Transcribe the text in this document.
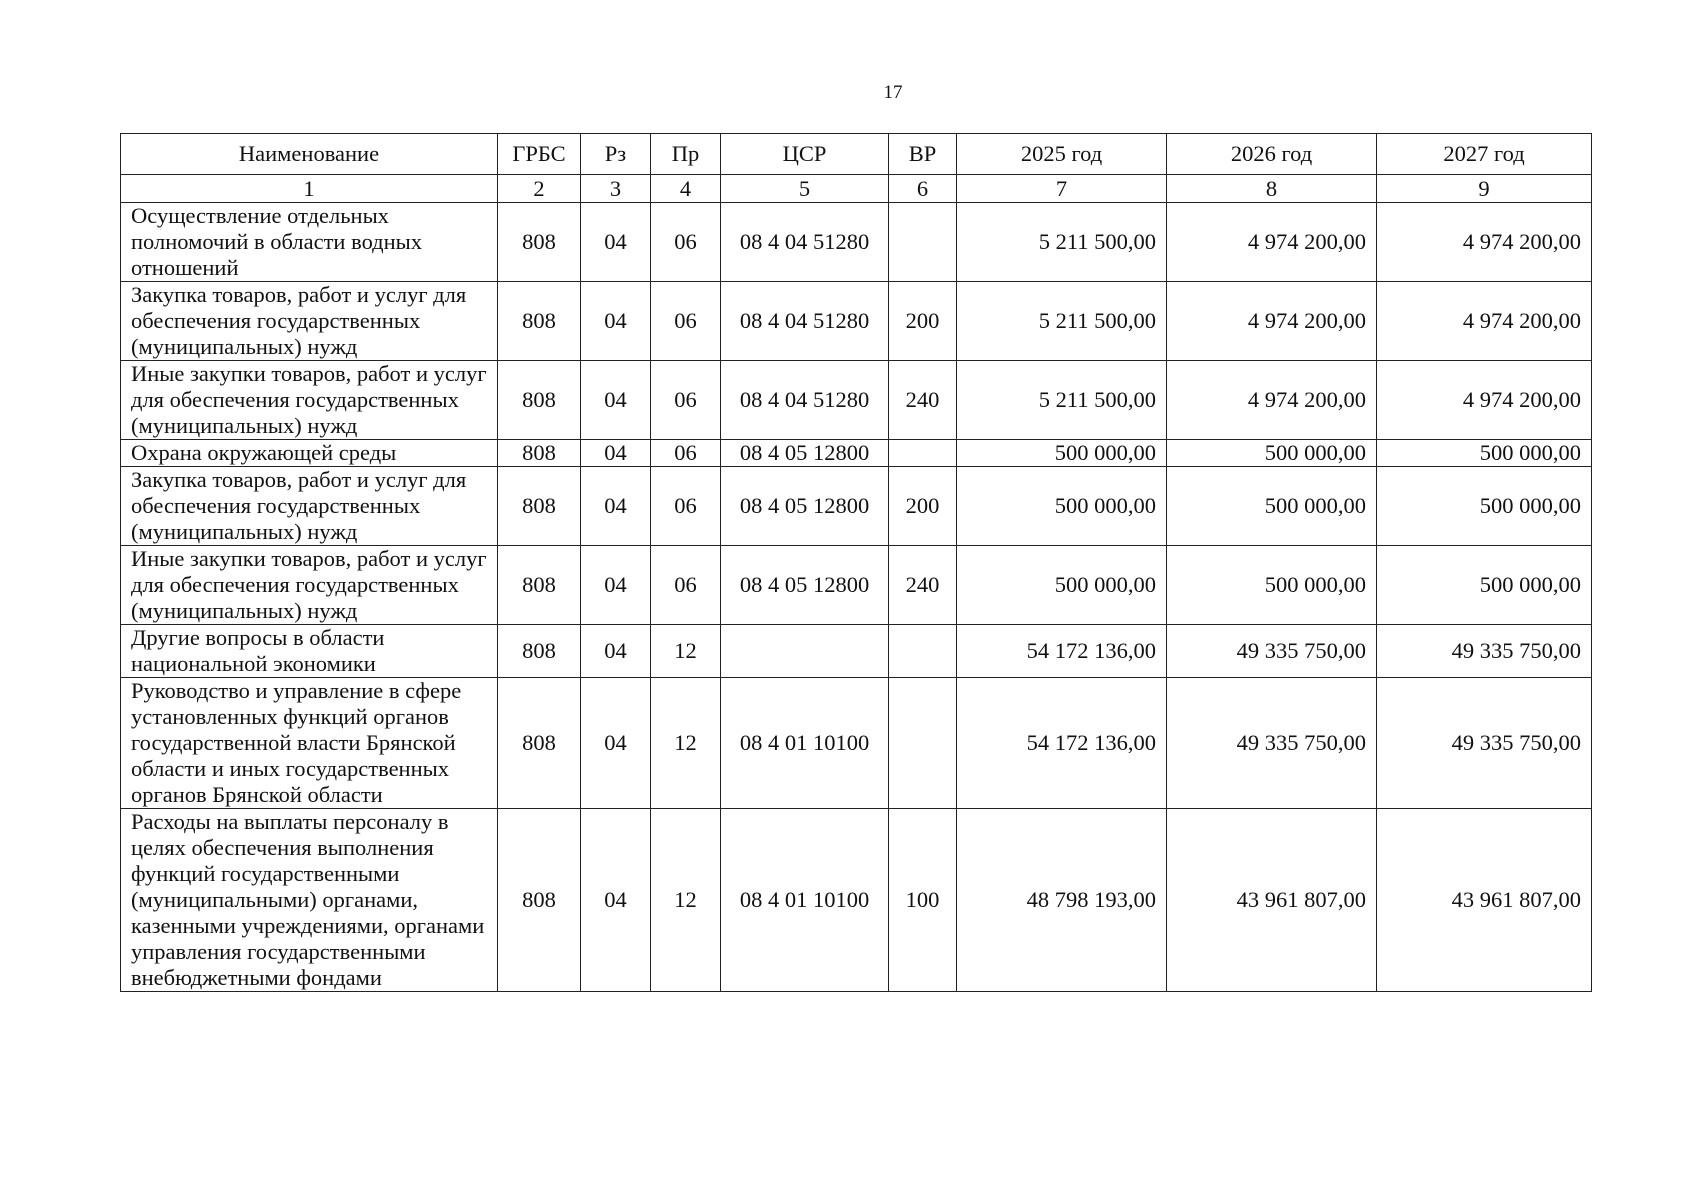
17
Наименование	ГРБС	Рз	Пр	ЦСР	ВР	2025 год	2026 год	2027 год
1	2	3	4	5	6	7	8	9
Осуществление отдельных полномочий в области водных отношений	808	04	06	08 4 04 51280		5 211 500,00	4 974 200,00	4 974 200,00
Закупка товаров, работ и услуг для обеспечения государственных (муниципальных) нужд	808	04	06	08 4 04 51280	200	5 211 500,00	4 974 200,00	4 974 200,00
Иные закупки товаров, работ и услуг для обеспечения государственных (муниципальных) нужд	808	04	06	08 4 04 51280	240	5 211 500,00	4 974 200,00	4 974 200,00
Охрана окружающей среды	808	04	06	08 4 05 12800		500 000,00	500 000,00	500 000,00
Закупка товаров, работ и услуг для обеспечения государственных (муниципальных) нужд	808	04	06	08 4 05 12800	200	500 000,00	500 000,00	500 000,00
Иные закупки товаров, работ и услуг для обеспечения государственных (муниципальных) нужд	808	04	06	08 4 05 12800	240	500 000,00	500 000,00	500 000,00
Другие вопросы в области национальной экономики	808	04	12			54 172 136,00	49 335 750,00	49 335 750,00
Руководство и управление в сфере установленных функций органов государственной власти Брянской области и иных государственных органов Брянской области	808	04	12	08 4 01 10100		54 172 136,00	49 335 750,00	49 335 750,00
Расходы на выплаты персоналу в целях обеспечения выполнения функций государственными (муниципальными) органами, казенными учреждениями, органами управления государственными внебюджетными фондами	808	04	12	08 4 01 10100	100	48 798 193,00	43 961 807,00	43 961 807,00
